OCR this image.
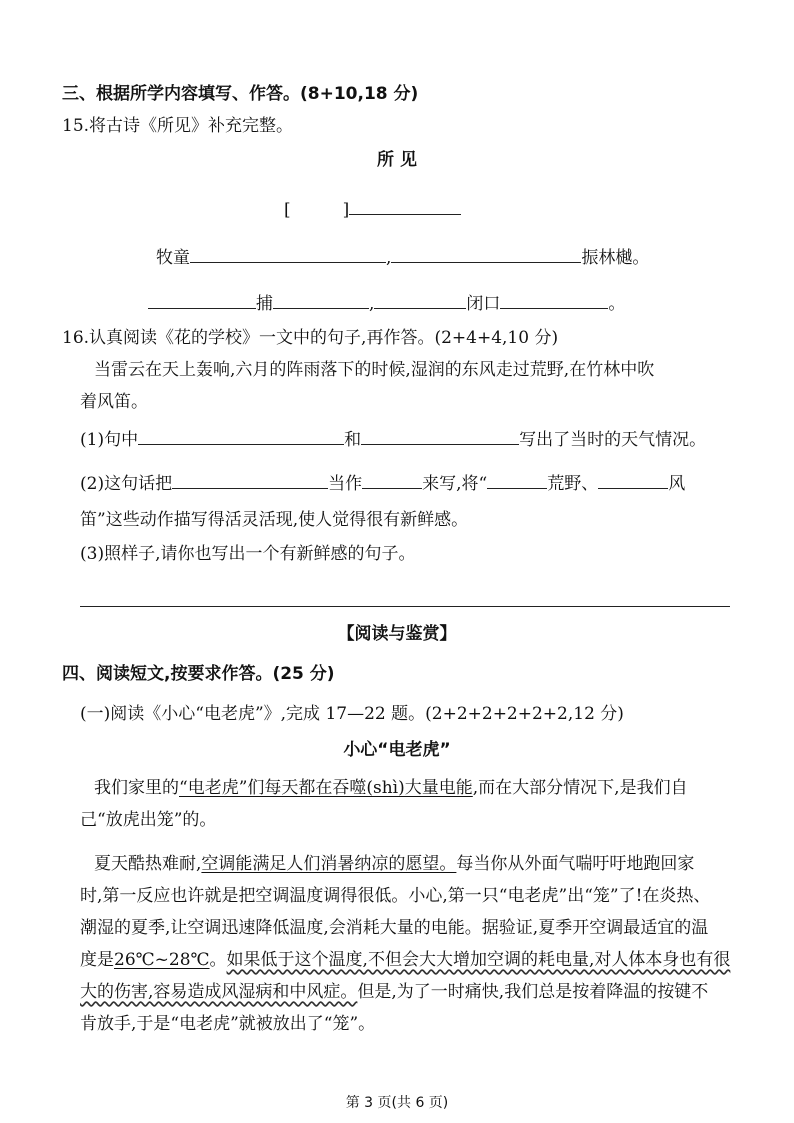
三、根据所学内容填写、作答。(8+10,18 分)
15.将古诗《所见》补充完整。
所 见
[	]
牧童	,	振林樾。
捕	,	闭口	。
16.认真阅读《花的学校》一文中的句子,再作答。(2+4+4,10 分)
当雷云在天上轰响,六月的阵雨落下的时候,湿润的东风走过荒野,在竹林中吹
着风笛。
(1)句中	和	写出了当时的天气情况。
(2)这句话把	当作	来写,将“	荒野、	风
笛”这些动作描写得活灵活现,使人觉得很有新鲜感。
(3)照样子,请你也写出一个有新鲜感的句子。
【阅读与鉴赏】
四、阅读短文,按要求作答。(25 分)
(一)阅读《小心“电老虎”》,完成 17—22 题。(2+2+2+2+2+2,12 分)
小心“电老虎”
我们家里的“电老虎”们每天都在吞噬(shì)大量电能,而在大部分情况下,是我们自
己“放虎出笼”的。
夏天酷热难耐,空调能满足人们消暑纳凉的愿望。每当你从外面气喘吁吁地跑回家
时,第一反应也许就是把空调温度调得很低。小心,第一只“电老虎”出“笼”了!在炎热、
潮湿的夏季,让空调迅速降低温度,会消耗大量的电能。据验证,夏季开空调最适宜的温
度是26℃~28℃。如果低于这个温度,不但会大大增加空调的耗电量,对人体本身也有很
大的伤害,容易造成风湿病和中风症。但是,为了一时痛快,我们总是按着降温的按键不
肯放手,于是“电老虎”就被放出了“笼”。
第 3 页(共 6 页)
